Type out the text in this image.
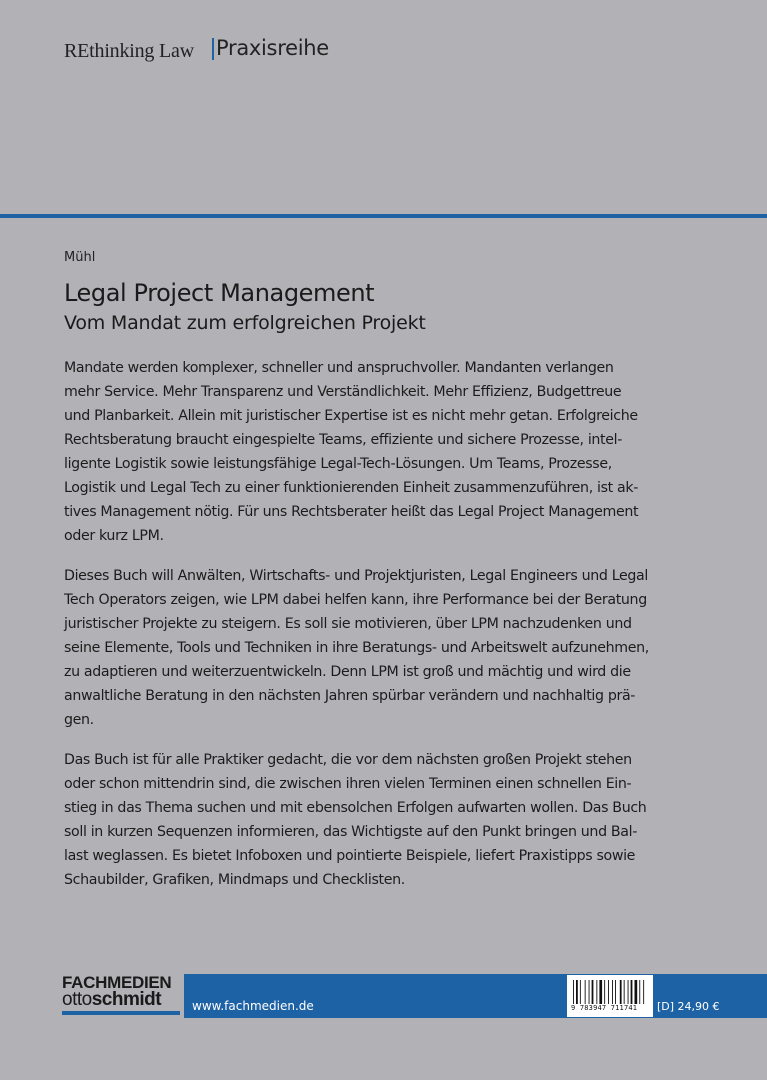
REthinking Law Praxisreihe
Mühl
Legal Project Management
Vom Mandat zum erfolgreichen Projekt

Mandate werden komplexer, schneller und anspruchvoller. Mandanten verlangen
mehr Service. Mehr Transparenz und Verständlichkeit. Mehr Effizienz, Budgettreue
und Planbarkeit. Allein mit juristischer Expertise ist es nicht mehr getan. Erfolgreiche
Rechtsberatung braucht eingespielte Teams, effiziente und sichere Prozesse, intel-
ligente Logistik sowie leistungsfähige Legal-Tech-Lösungen. Um Teams, Prozesse,
Logistik und Legal Tech zu einer funktionierenden Einheit zusammenzuführen, ist ak-
tives Management nötig. Für uns Rechtsberater heißt das Legal Project Management
oder kurz LPM.

Dieses Buch will Anwälten, Wirtschafts- und Projektjuristen, Legal Engineers und Legal
Tech Operators zeigen, wie LPM dabei helfen kann, ihre Performance bei der Beratung
juristischer Projekte zu steigern. Es soll sie motivieren, über LPM nachzudenken und
seine Elemente, Tools und Techniken in ihre Beratungs- und Arbeitswelt aufzunehmen,
zu adaptieren und weiterzuentwickeln. Denn LPM ist groß und mächtig und wird die
anwaltliche Beratung in den nächsten Jahren spürbar verändern und nachhaltig prä-
gen.

Das Buch ist für alle Praktiker gedacht, die vor dem nächsten großen Projekt stehen
oder schon mittendrin sind, die zwischen ihren vielen Terminen einen schnellen Ein-
stieg in das Thema suchen und mit ebensolchen Erfolgen aufwarten wollen. Das Buch
soll in kurzen Sequenzen informieren, das Wichtigste auf den Punkt bringen und Bal-
last weglassen. Es bietet Infoboxen und pointierte Beispiele, liefert Praxistipps sowie
Schaubilder, Grafiken, Mindmaps und Checklisten.

FACHMEDIEN
ottoschmidt	www.fachmedien.de	9 783947 711741	[D] 24,90 €
